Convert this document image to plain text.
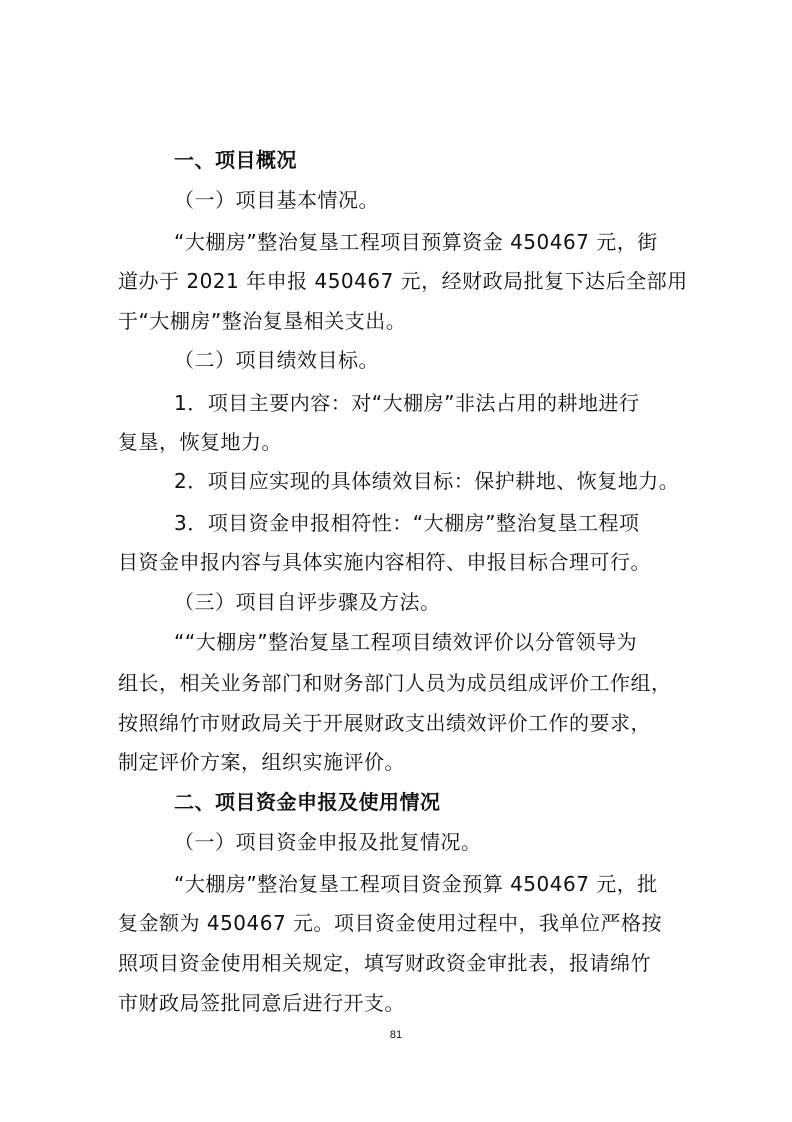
一、项目概况

（一）项目基本情况。

“大棚房”整治复垦工程项目预算资金 450467 元，街

道办于 2021 年申报 450467 元，经财政局批复下达后全部用

于“大棚房”整治复垦相关支出。

（二）项目绩效目标。

1．项目主要内容：对“大棚房”非法占用的耕地进行

复垦，恢复地力。

2．项目应实现的具体绩效目标：保护耕地、恢复地力。

3．项目资金申报相符性：“大棚房”整治复垦工程项

目资金申报内容与具体实施内容相符、申报目标合理可行。

（三）项目自评步骤及方法。

““大棚房”整治复垦工程项目绩效评价以分管领导为

组长，相关业务部门和财务部门人员为成员组成评价工作组，

按照绵竹市财政局关于开展财政支出绩效评价工作的要求，

制定评价方案，组织实施评价。

二、项目资金申报及使用情况

（一）项目资金申报及批复情况。

“大棚房”整治复垦工程项目资金预算 450467 元，批

复金额为 450467 元。项目资金使用过程中，我单位严格按

照项目资金使用相关规定，填写财政资金审批表，报请绵竹

市财政局签批同意后进行开支。

81
